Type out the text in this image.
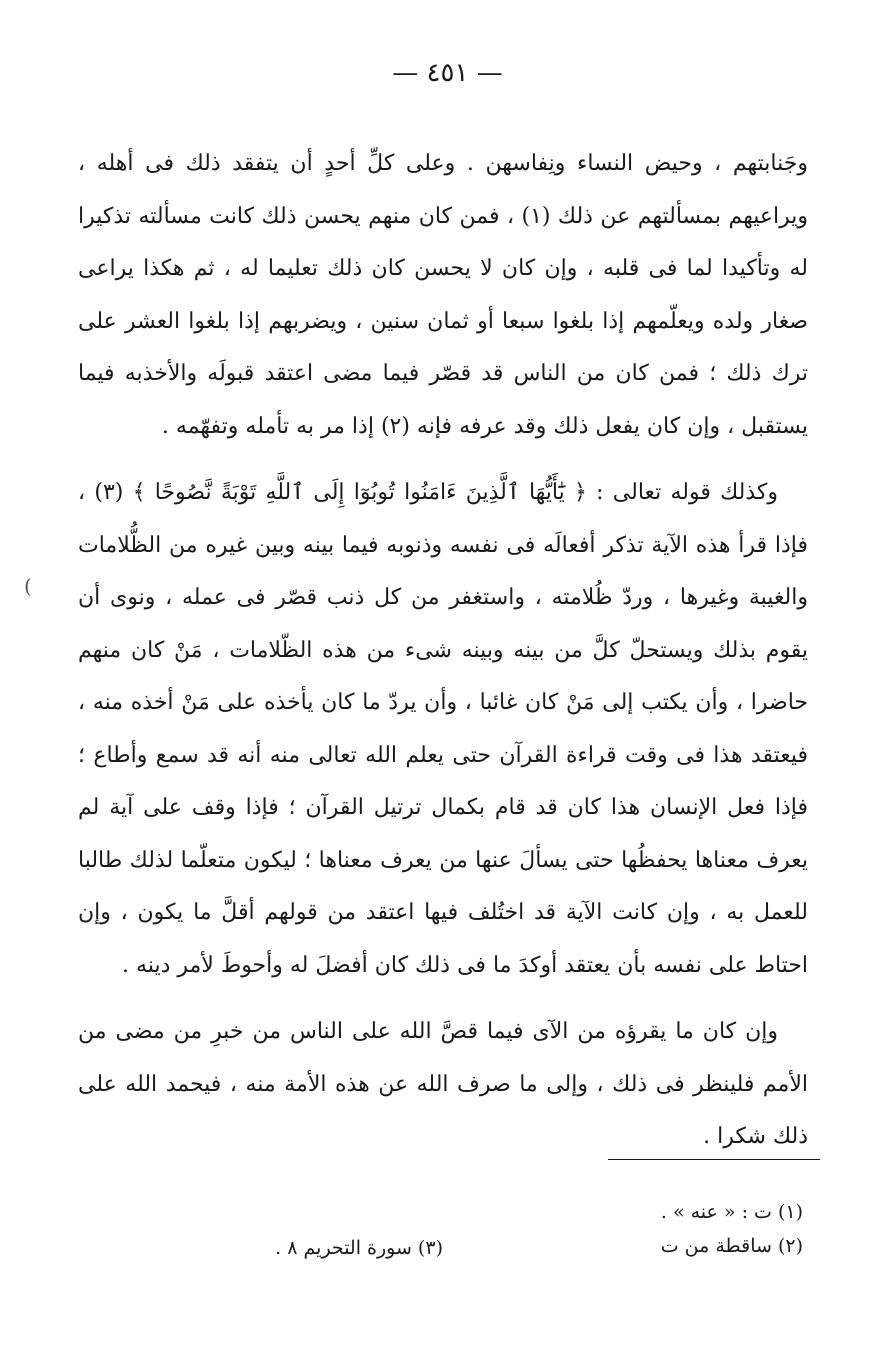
— ٤٥١ —
(

وجَنابتهم ، وحيض النساء ونِفاسهن . وعلى كلِّ أحدٍ أن يتفقد ذلك فى أهله ، ويراعيهم بمسألتهم عن ذلك (١) ، فمن كان منهم يحسن ذلك كانت مسألته تذكيرا له وتأكيدا لما فى قلبه ، وإن كان لا يحسن كان ذلك تعليما له ، ثم هكذا يراعى صغار ولده ويعلّمهم إذا بلغوا سبعا أو ثمان سنين ، ويضربهم إذا بلغوا العشر على ترك ذلك ؛ فمن كان من الناس قد قصّر فيما مضى اعتقد قبولَه والأخذبه فيما يستقبل ، وإن كان يفعل ذلك وقد عرفه فإنه (٢) إذا مر به تأمله وتفهّمه .

وكذلك قوله تعالى : ﴿ يَٰٓأَيُّهَا ٱلَّذِينَ ءَامَنُوا تُوبُوٓا إِلَى ٱللَّهِ تَوْبَةً نَّصُوحًا ﴾ (٣) ، فإذا قرأ هذه الآية تذكر أفعالَه فى نفسه وذنوبه فيما بينه وبين غيره من الظُّلامات والغيبة وغيرها ، وردّ ظُلامته ، واستغفر من كل ذنب قصّر فى عمله ، ونوى أن يقوم بذلك ويستحلّ كلَّ من بينه وبينه شىء من هذه الظّلامات ، مَنْ كان منهم حاضرا ، وأن يكتب إلى مَنْ كان غائبا ، وأن يردّ ما كان يأخذه على مَنْ أخذه منه ، فيعتقد هذا فى وقت قراءة القرآن حتى يعلم الله تعالى منه أنه قد سمع وأطاع ؛ فإذا فعل الإنسان هذا كان قد قام بكمال ترتيل القرآن ؛ فإذا وقف على آية لم يعرف معناها يحفظُها حتى يسألَ عنها من يعرف معناها ؛ ليكون متعلّما لذلك طالبا للعمل به ، وإن كانت الآية قد اختُلف فيها اعتقد من قولهم أقلَّ ما يكون ، وإن احتاط على نفسه بأن يعتقد أوكدَ ما فى ذلك كان أفضلَ له وأحوطَ لأمر دينه .

وإن كان ما يقرؤه من الآى فيما قصَّ الله على الناس من خبرِ من مضى من الأمم فلينظر فى ذلك ، وإلى ما صرف الله عن هذه الأمة منه ، فيحمد الله على ذلك شكرا .

(١) ت : « عنه » .
(٢) ساقطة من ت
(٣) سورة التحريم ٨ .
